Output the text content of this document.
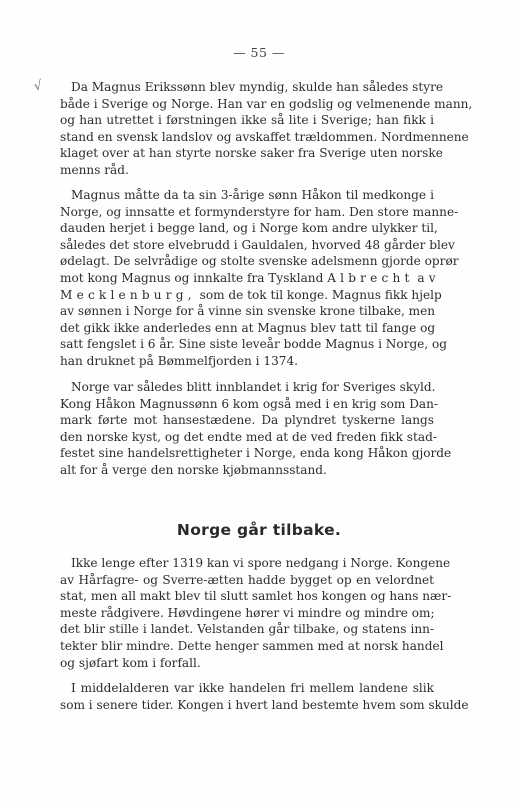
— 55 —
√	Da Magnus Erikssønn blev myndig, skulde han således styre
både i Sverige og Norge. Han var en godslig og velmenende mann,
og han utrettet i førstningen ikke så lite i Sverige; han fikk i
stand en svensk landslov og avskaffet trældommen. Nordmennene
klaget over at han styrte norske saker fra Sverige uten norske
menns råd.
Magnus måtte da ta sin 3-årige sønn Håkon til medkonge i
Norge, og innsatte et formynderstyre for ham. Den store manne-
dauden herjet i begge land, og i Norge kom andre ulykker til,
således det store elvebrudd i Gauldalen, hvorved 48 gårder blev
ødelagt. De selvrådige og stolte svenske adelsmenn gjorde oprør
mot kong Magnus og innkalte fra Tyskland Albrecht av
Mecklenburg, som de tok til konge. Magnus fikk hjelp
av sønnen i Norge for å vinne sin svenske krone tilbake, men
det gikk ikke anderledes enn at Magnus blev tatt til fange og
satt fengslet i 6 år. Sine siste leveår bodde Magnus i Norge, og
han druknet på Bømmelfjorden i 1374.
Norge var således blitt innblandet i krig for Sveriges skyld.
Kong Håkon Magnussønn 6 kom også med i en krig som Dan-
mark førte mot hansestædene. Da plyndret tyskerne langs
den norske kyst, og det endte med at de ved freden fikk stad-
festet sine handelsrettigheter i Norge, enda kong Håkon gjorde
alt for å verge den norske kjøbmannsstand.
Norge går tilbake.
Ikke lenge efter 1319 kan vi spore nedgang i Norge. Kongene
av Hårfagre- og Sverre-ætten hadde bygget op en velordnet
stat, men all makt blev til slutt samlet hos kongen og hans nær-
meste rådgivere. Høvdingene hører vi mindre og mindre om;
det blir stille i landet. Velstanden går tilbake, og statens inn-
tekter blir mindre. Dette henger sammen med at norsk handel
og sjøfart kom i forfall.
I middelalderen var ikke handelen fri mellem landene slik
som i senere tider. Kongen i hvert land bestemte hvem som skulde
